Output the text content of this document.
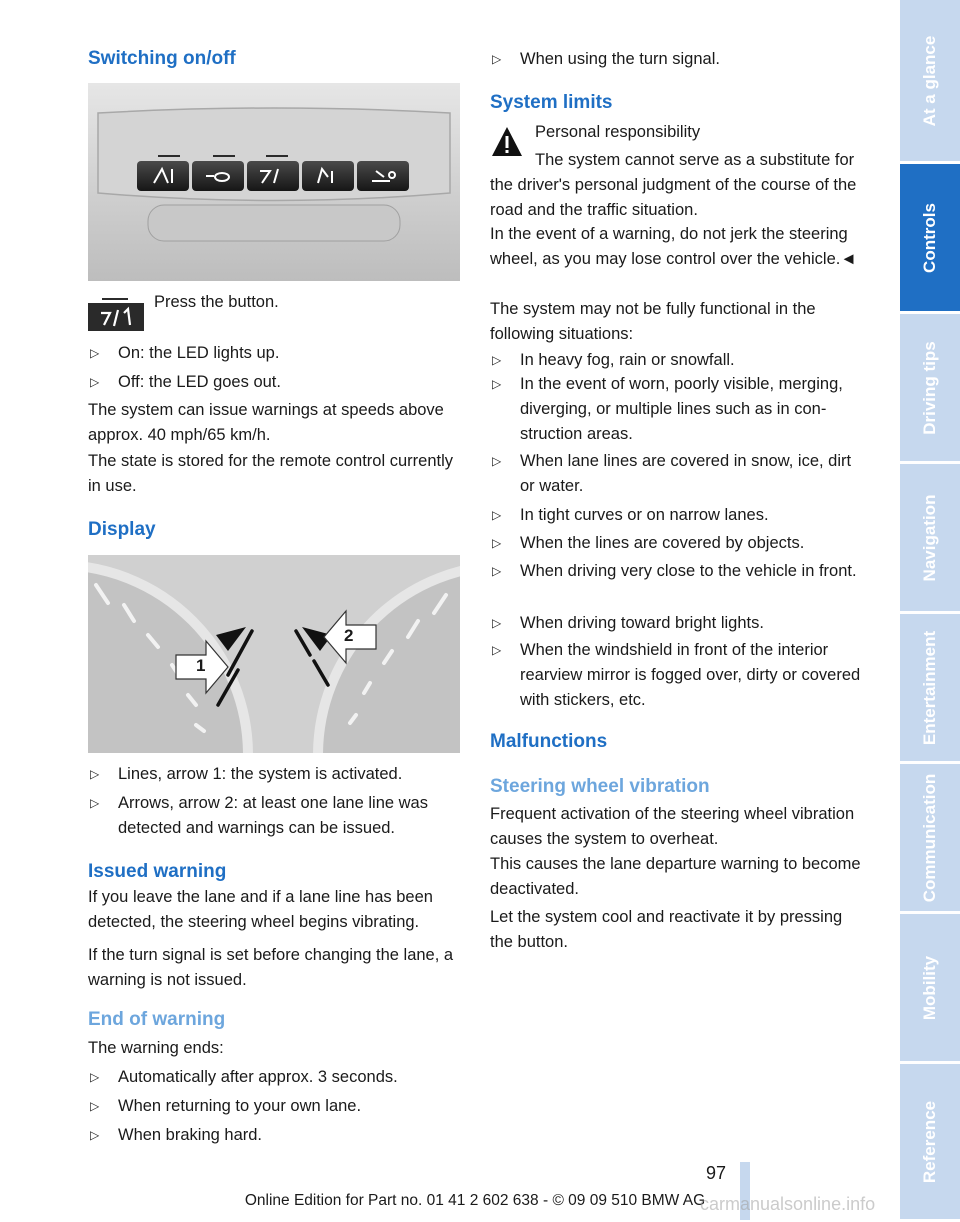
Switching on/off
Press the button.
▷ On: the LED lights up.
▷ Off: the LED goes out.
The system can issue warnings at speeds above approx. 40 mph/65 km/h.
The state is stored for the remote control currently in use.
Display
1
2
▷ Lines, arrow 1: the system is activated.
▷ Arrows, arrow 2: at least one lane line was detected and warnings can be issued.
Issued warning
If you leave the lane and if a lane line has been detected, the steering wheel begins vibrating.
If the turn signal is set before changing the lane, a warning is not issued.
End of warning
The warning ends:
▷ Automatically after approx. 3 seconds.
▷ When returning to your own lane.
▷ When braking hard.
▷ When using the turn signal.
System limits
Personal responsibility
The system cannot serve as a substitute for the driver's personal judgment of the course of the road and the traffic situation.
In the event of a warning, do not jerk the steering wheel, as you may lose control over the vehicle.◄
The system may not be fully functional in the following situations:
▷ In heavy fog, rain or snowfall.
▷ In the event of worn, poorly visible, merging, diverging, or multiple lines such as in construction areas.
▷ When lane lines are covered in snow, ice, dirt or water.
▷ In tight curves or on narrow lanes.
▷ When the lines are covered by objects.
▷ When driving very close to the vehicle in front.
▷ When driving toward bright lights.
▷ When the windshield in front of the interior rearview mirror is fogged over, dirty or covered with stickers, etc.
Malfunctions
Steering wheel vibration
Frequent activation of the steering wheel vibration causes the system to overheat.
This causes the lane departure warning to become deactivated.
Let the system cool and reactivate it by pressing the button.
At a glance
Controls
Driving tips
Navigation
Entertainment
Communication
Mobility
Reference
97
Online Edition for Part no. 01 41 2 602 638 - © 09 09 510 BMW AG
carmanualsonline.info
